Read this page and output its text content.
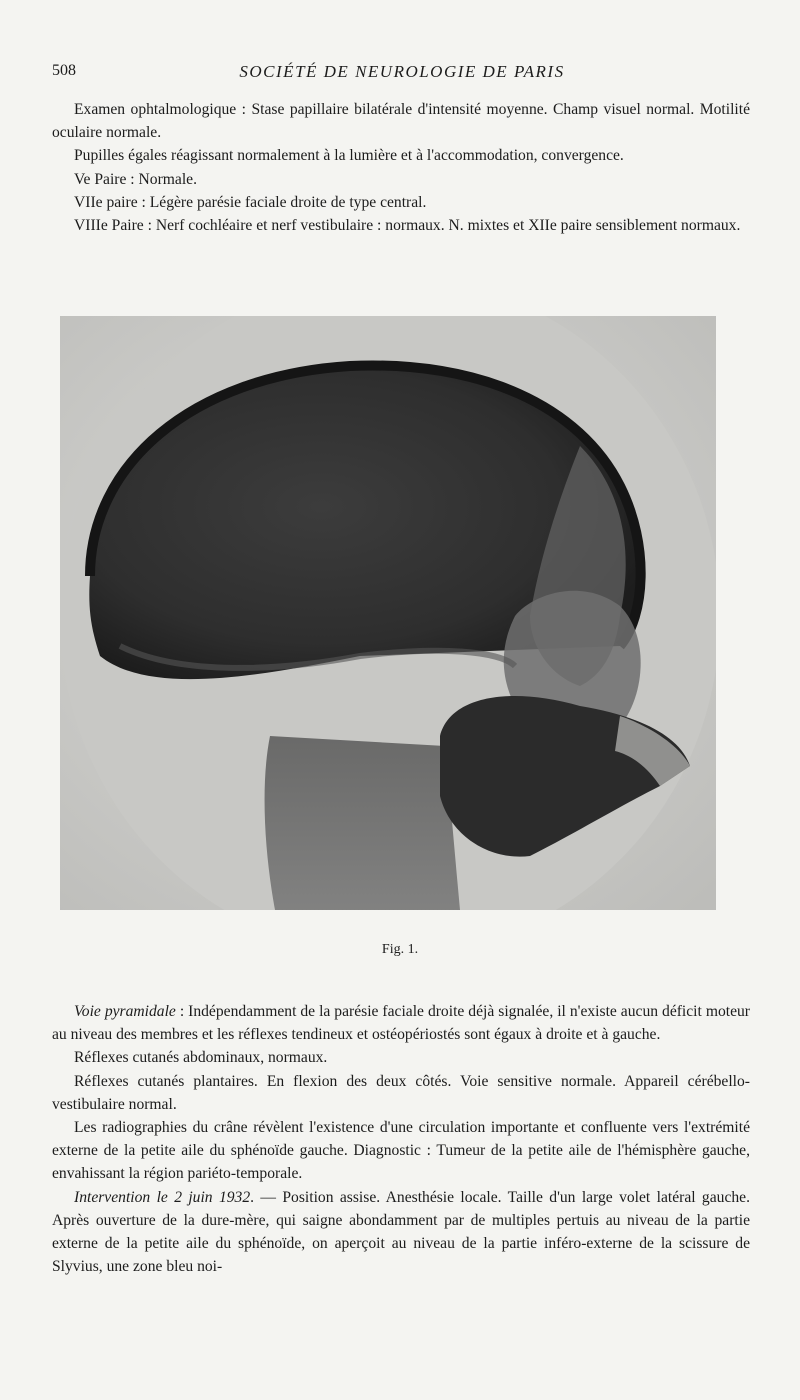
508	SOCIÉTÉ DE NEUROLOGIE DE PARIS

Examen ophtalmologique : Stase papillaire bilatérale d'intensité moyenne. Champ visuel normal. Motilité oculaire normale.

Pupilles égales réagissant normalement à la lumière et à l'accommodation, convergence.

Ve Paire : Normale.

VIIe paire : Légère parésie faciale droite de type central.

VIIIe Paire : Nerf cochléaire et nerf vestibulaire : normaux. N. mixtes et XIIe paire sensiblement normaux.

Fig. 1.

Voie pyramidale : Indépendamment de la parésie faciale droite déjà signalée, il n'existe aucun déficit moteur au niveau des membres et les réflexes tendineux et ostéopériostés sont égaux à droite et à gauche.

Réflexes cutanés abdominaux, normaux.

Réflexes cutanés plantaires. En flexion des deux côtés. Voie sensitive normale. Appareil cérébello-vestibulaire normal.

Les radiographies du crâne révèlent l'existence d'une circulation importante et confluente vers l'extrémité externe de la petite aile du sphénoïde gauche. Diagnostic : Tumeur de la petite aile de l'hémisphère gauche, envahissant la région pariéto-temporale.

Intervention le 2 juin 1932. — Position assise. Anesthésie locale. Taille d'un large volet latéral gauche. Après ouverture de la dure-mère, qui saigne abondamment par de multiples pertuis au niveau de la partie externe de la petite aile du sphénoïde, on aperçoit au niveau de la partie inféro-externe de la scissure de Slyvius, une zone bleu noi-
